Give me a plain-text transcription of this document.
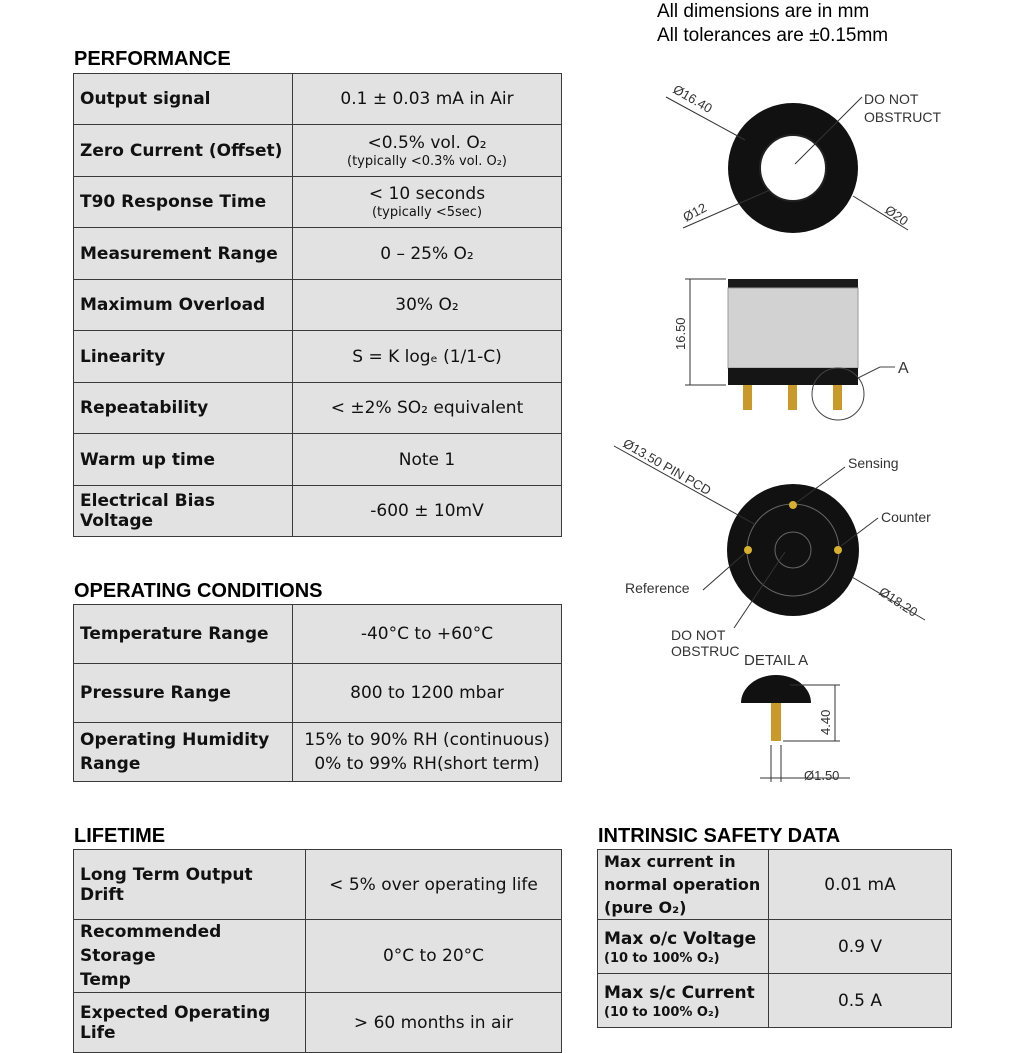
All dimensions are in mm
All tolerances are ±0.15mm
PERFORMANCE
Output signal	0.1 ± 0.03 mA in Air
Zero Current (Offset)	<0.5% vol. O₂
(typically <0.3% vol. O₂)

T90 Response Time	< 10 seconds
(typically <5sec)

Measurement Range	0 – 25% O₂
Maximum Overload	30% O₂
Linearity	S = K logₑ (1/1-C)
Repeatability	< ±2% SO₂ equivalent
Warm up time	Note 1
Electrical Bias Voltage	-600 ± 10mV
OPERATING CONDITIONS
Temperature Range	-40°C to +60°C
Pressure Range	800 to 1200 mbar

Operating Humidity
Range	15% to 90% RH (continuous)
0% to 99% RH(short term)
LIFETIME
Long Term Output Drift	< 5% over operating life

Recommended Storage
Temp	0°C to 20°C
Expected Operating Life	> 60 months in air
INTRINSIC SAFETY DATA
Max current in
normal operation
(pure O₂)	0.01 mA

Max o/c Voltage
(10 to 100% O₂)	0.9 V

Max s/c Current
(10 to 100% O₂)	0.5 A
Ø16.40	DO NOT
OBSTRUCT
Ø12	Ø20
A
16.50
Ø13.50 PIN PCD	Sensing
Counter
Reference	Ø18.20
DO NOT
OBSTRUC
DETAIL A
4.40
Ø1.50
